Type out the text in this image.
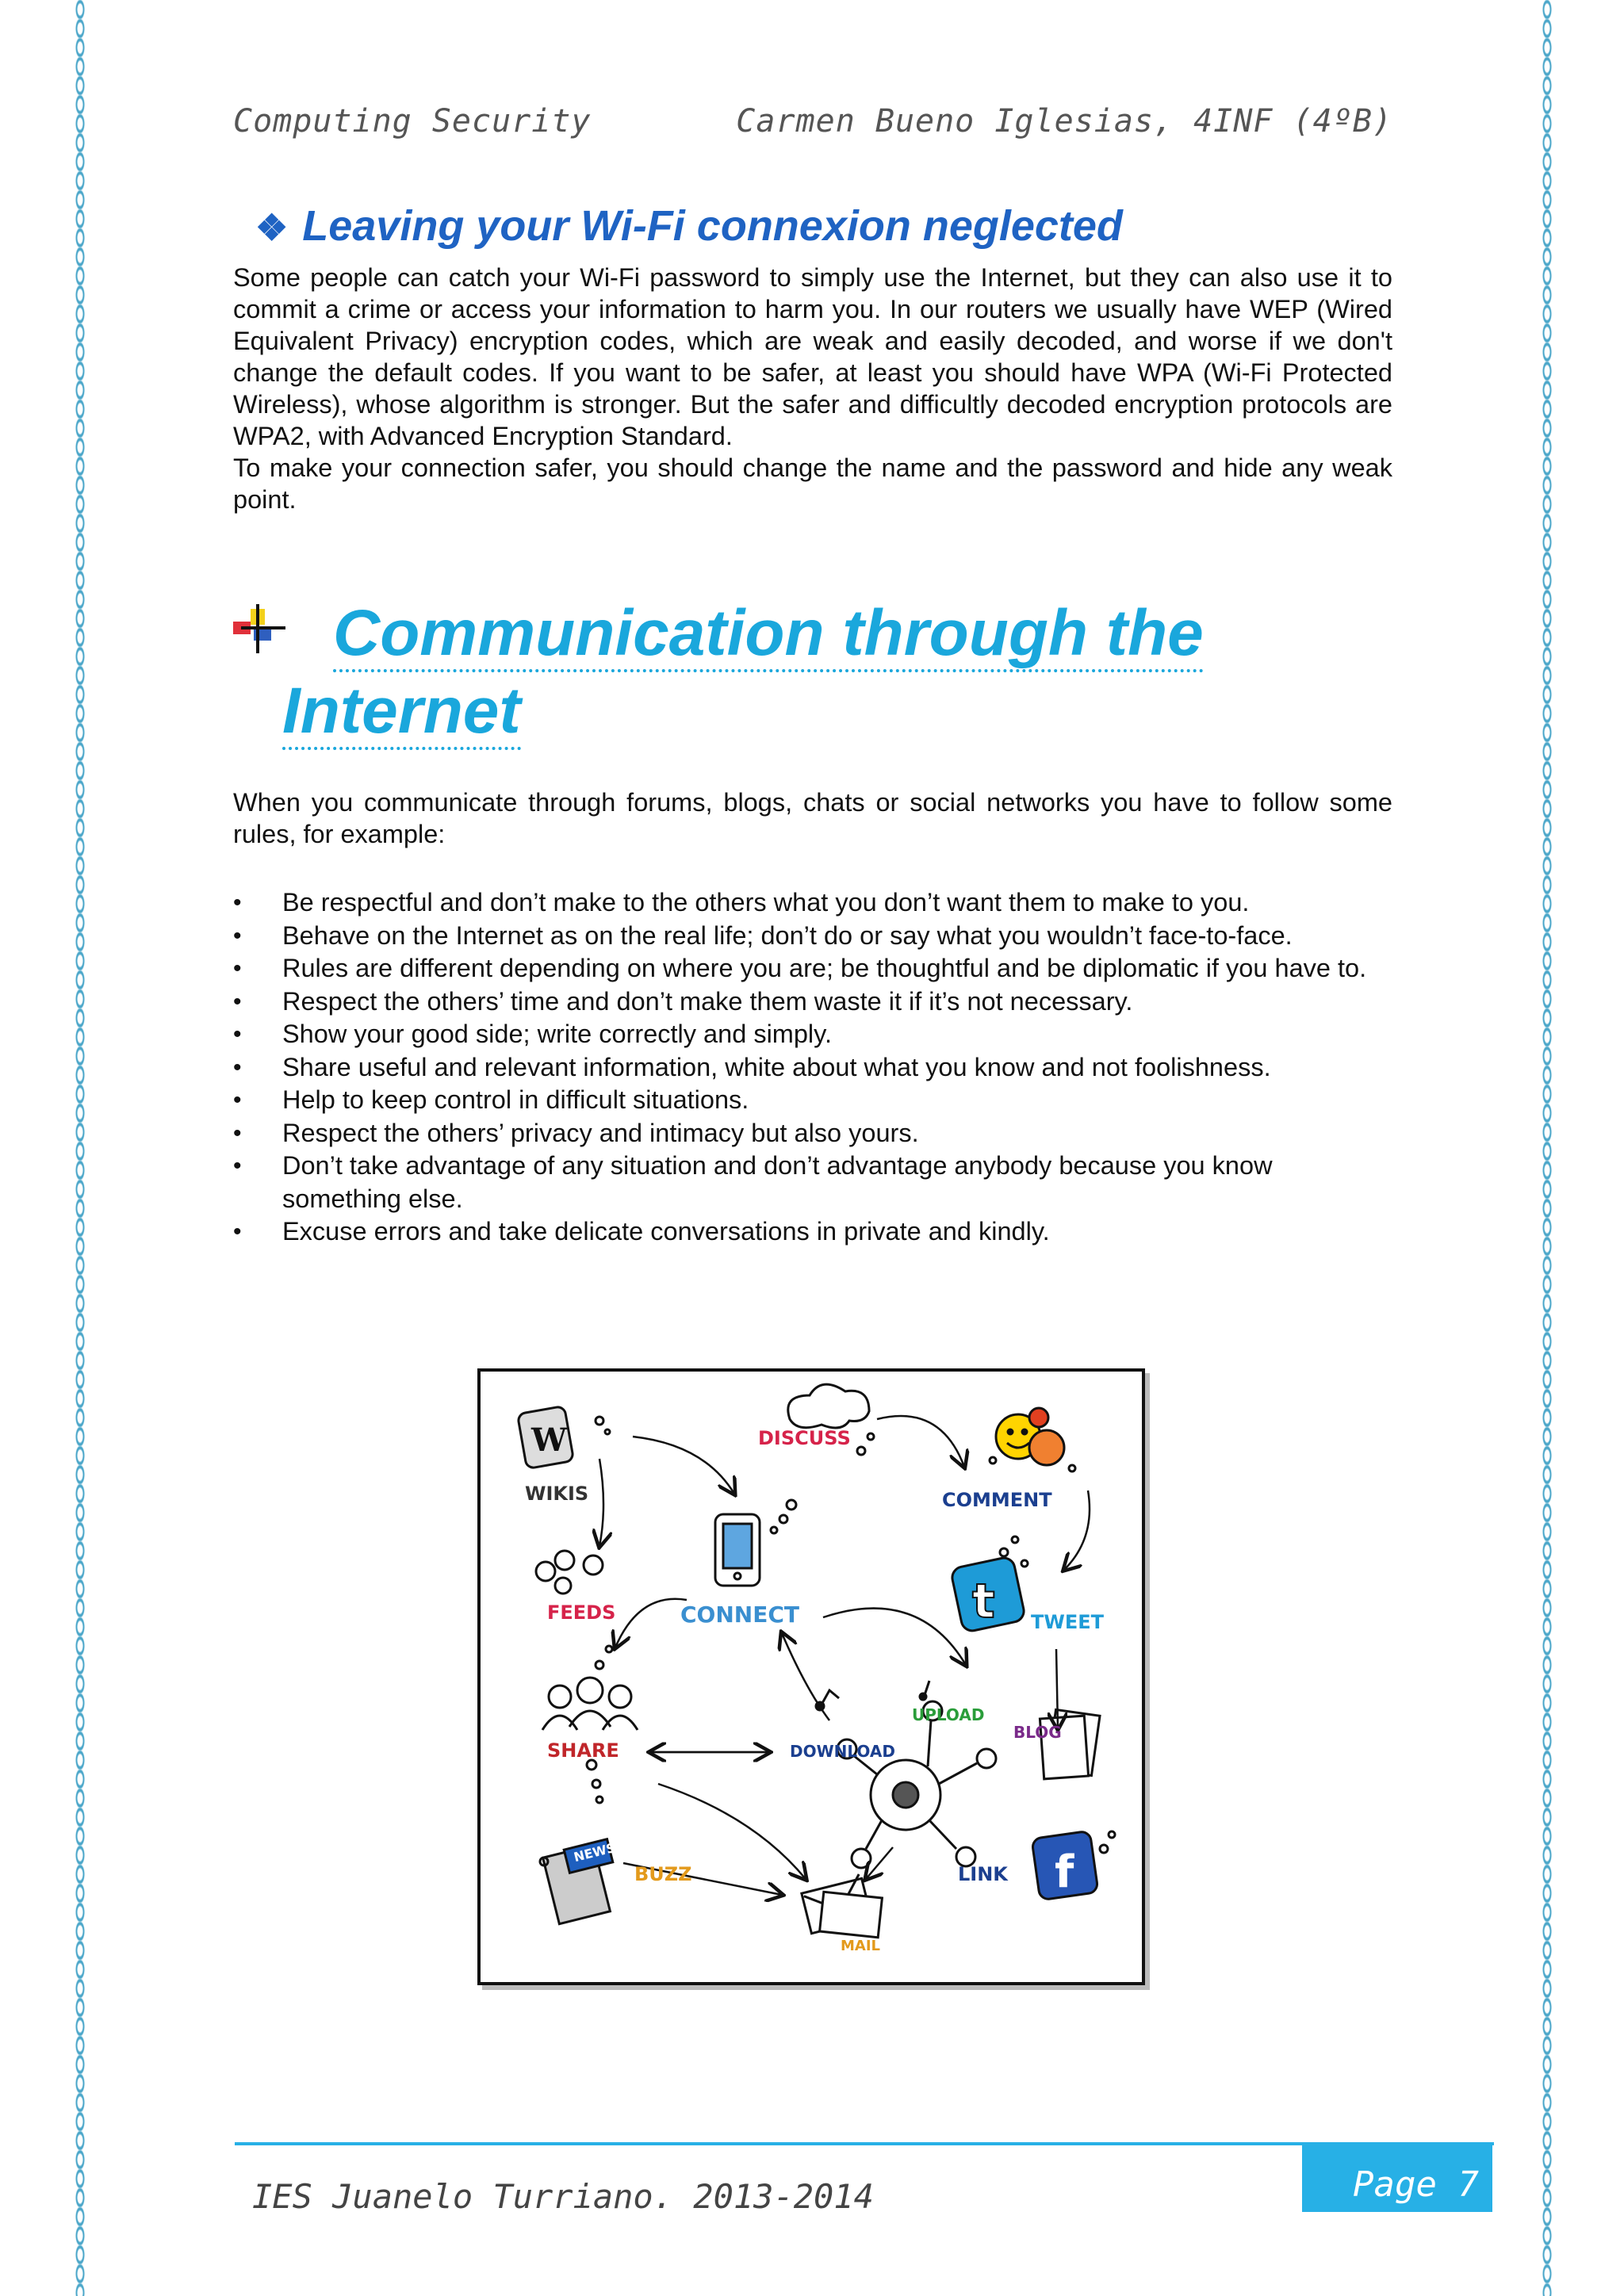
Computing Security	Carmen Bueno Iglesias, 4INF (4ºB)
❖ Leaving your Wi-Fi connexion neglected

Some people can catch your Wi-Fi password to simply use the Internet, but they can also use it to commit a crime or access your information to harm you. In our routers we usually have WEP (Wired Equivalent Privacy) encryption codes, which are weak and easily decoded, and worse if we don't change the default codes. If you want to be safer, at least you should have WPA (Wi-Fi Protected Wireless), whose algorithm is stronger. But the safer and difficultly decoded encryption protocols are WPA2, with Advanced Encryption Standard.

To make your connection safer, you should change the name and the password and hide any weak point.

Communication through the
Internet
When you communicate through forums, blogs, chats or social networks you have to follow some rules, for example:
• Be respectful and don’t make to the others what you don’t want them to make to you.
• Behave on the Internet as on the real life; don’t do or say what you wouldn’t face-to-face.
• Rules are different depending on where you are; be thoughtful and be diplomatic if you have to.
• Respect the others’ time and don’t make them waste it if it’s not necessary.
• Show your good side; write correctly and simply.
• Share useful and relevant information, white about what you know and not foolishness.
• Help to keep control in difficult situations.
• Respect the others’ privacy and intimacy but also yours.
• Don’t take advantage of any situation and don’t advantage anybody because you know something else.
• Excuse errors and take delicate conversations in private and kindly.
W
t
f
WIKIS
DISCUSS
COMMENT
FEEDS	CONNECT	TWEET
UPLOAD
BLOG
SHARE	DOWNLOAD
BUZZ	LINK
MAIL
NEWS
IES Juanelo Turriano. 2013-2014	Page 7
